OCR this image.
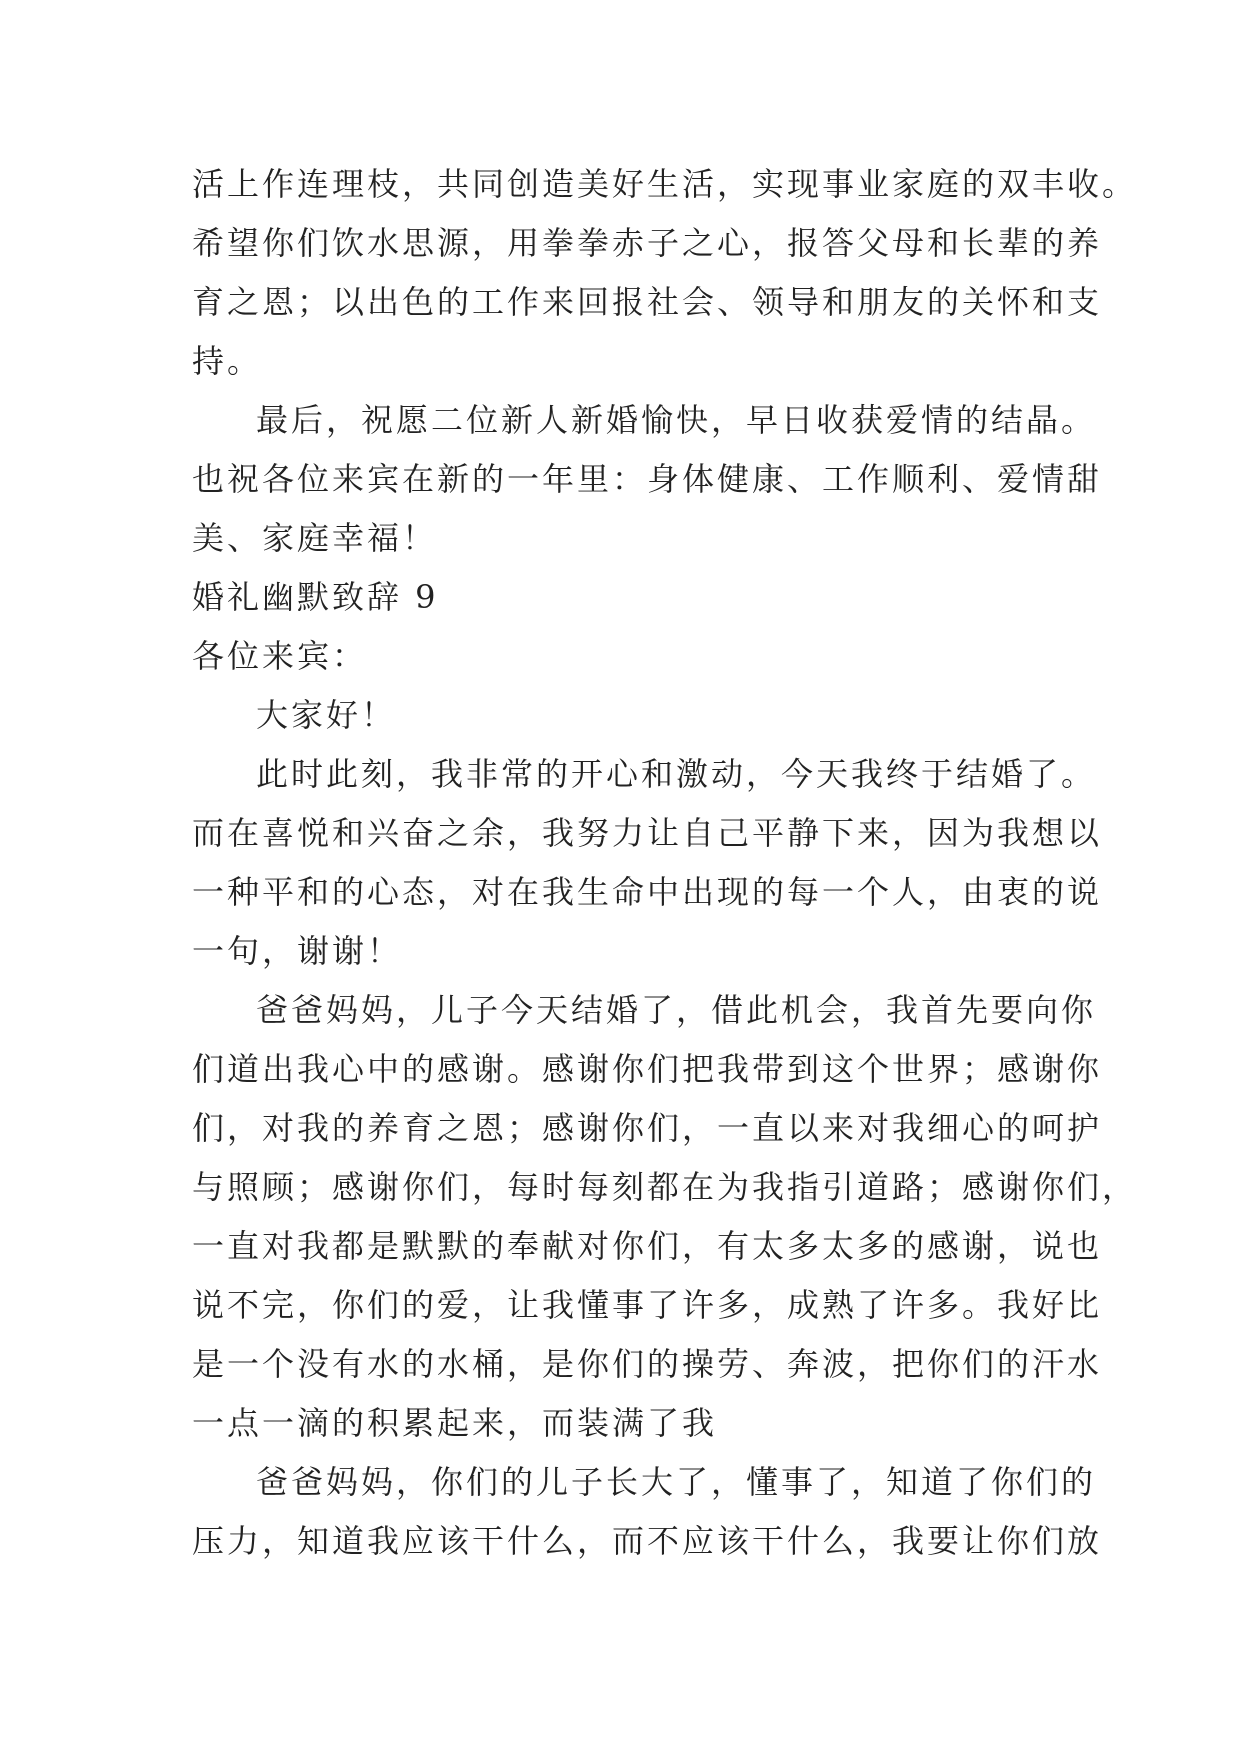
活上作连理枝，共同创造美好生活，实现事业家庭的双丰收。
希望你们饮水思源，用拳拳赤子之心，报答父母和长辈的养
育之恩；以出色的工作来回报社会、领导和朋友的关怀和支
持。
最后，祝愿二位新人新婚愉快，早日收获爱情的结晶。
也祝各位来宾在新的一年里：身体健康、工作顺利、爱情甜
美、家庭幸福！
婚礼幽默致辞 9
各位来宾：
大家好！
此时此刻，我非常的开心和激动，今天我终于结婚了。
而在喜悦和兴奋之余，我努力让自己平静下来，因为我想以
一种平和的心态，对在我生命中出现的每一个人，由衷的说
一句，谢谢！
爸爸妈妈，儿子今天结婚了，借此机会，我首先要向你
们道出我心中的感谢。感谢你们把我带到这个世界；感谢你
们，对我的养育之恩；感谢你们，一直以来对我细心的呵护
与照顾；感谢你们，每时每刻都在为我指引道路；感谢你们，
一直对我都是默默的奉献对你们，有太多太多的感谢，说也
说不完，你们的爱，让我懂事了许多，成熟了许多。我好比
是一个没有水的水桶，是你们的操劳、奔波，把你们的汗水
一点一滴的积累起来，而装满了我
爸爸妈妈，你们的儿子长大了，懂事了，知道了你们的
压力，知道我应该干什么，而不应该干什么，我要让你们放
